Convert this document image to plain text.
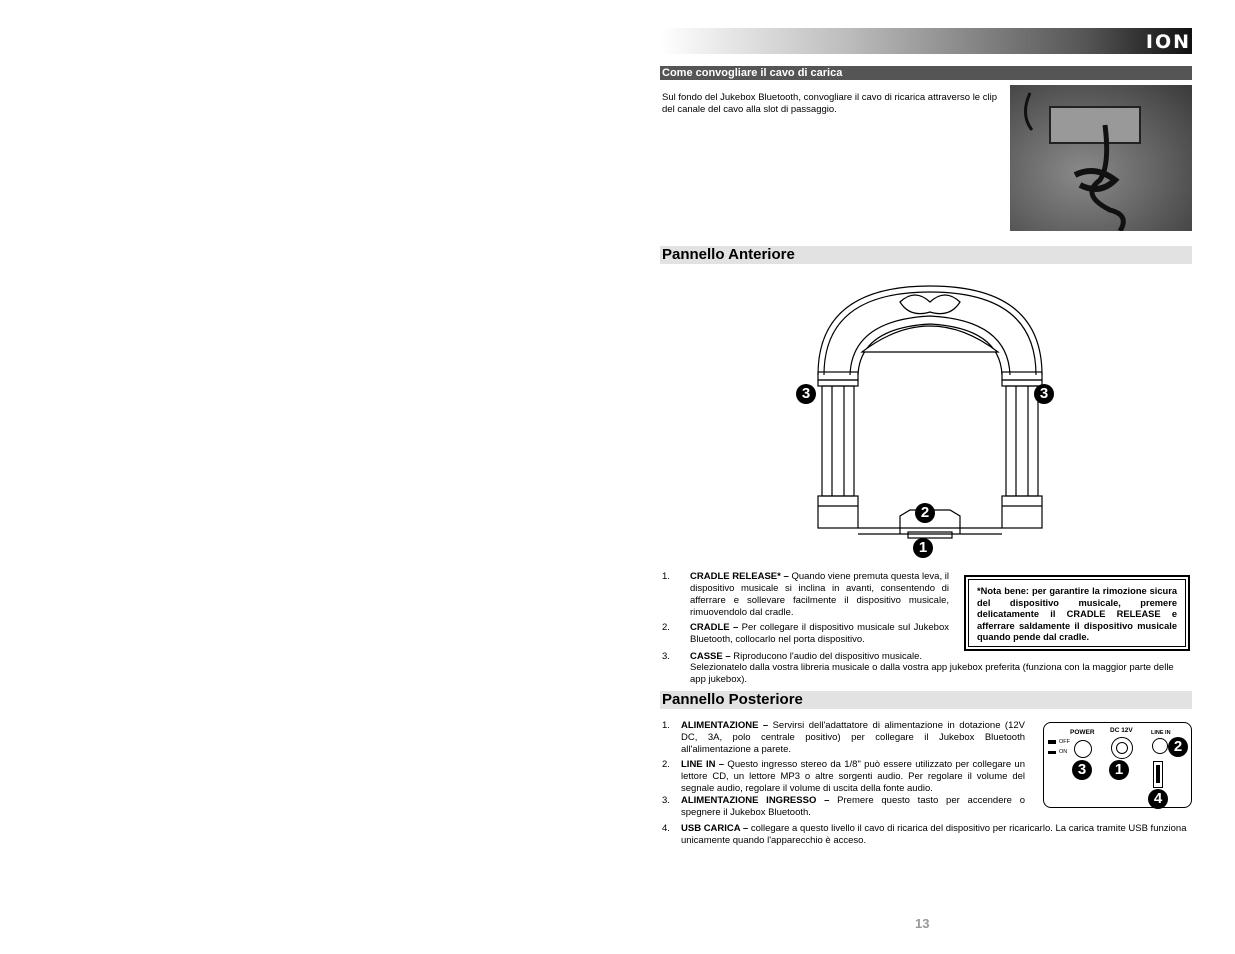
ION
Come convogliare il cavo di carica
Sul fondo del Jukebox Bluetooth, convogliare il cavo di ricarica attraverso le clip del canale del cavo alla slot di passaggio.
Pannello Anteriore
3	3
2
1
1. CRADLE RELEASE* – Quando viene premuta questa leva, il dispositivo musicale si inclina in avanti, consentendo di afferrare e sollevare facilmente il dispositivo musicale, rimuovendolo dal cradle.
2. CRADLE – Per collegare il dispositivo musicale sul Jukebox Bluetooth, collocarlo nel porta dispositivo.
3. CASSE – Riproducono l'audio del dispositivo musicale.
Selezionatelo dalla vostra libreria musicale o dalla vostra app jukebox preferita (funziona con la maggior parte delle app jukebox).
*Nota bene: per garantire la rimozione sicura del dispositivo musicale, premere delicatamente il CRADLE RELEASE e afferrare saldamente il dispositivo musicale quando pende dal cradle.
Pannello Posteriore
1. ALIMENTAZIONE – Servirsi dell'adattatore di alimentazione in dotazione (12V DC, 3A, polo centrale positivo) per collegare il Jukebox Bluetooth all'alimentazione a parete.
2. LINE IN – Questo ingresso stereo da 1/8" può essere utilizzato per collegare un lettore CD, un lettore MP3 o altre sorgenti audio. Per regolare il volume del segnale audio, regolare il volume di uscita della fonte audio.
3. ALIMENTAZIONE INGRESSO – Premere questo tasto per accendere o spegnere il Jukebox Bluetooth.
4. USB CARICA – collegare a questo livello il cavo di ricarica del dispositivo per ricaricarlo. La carica tramite USB funziona unicamente quando l'apparecchio è acceso.
POWER DC 12V	LINE IN
OFF
ON	2
3	1
4
13
